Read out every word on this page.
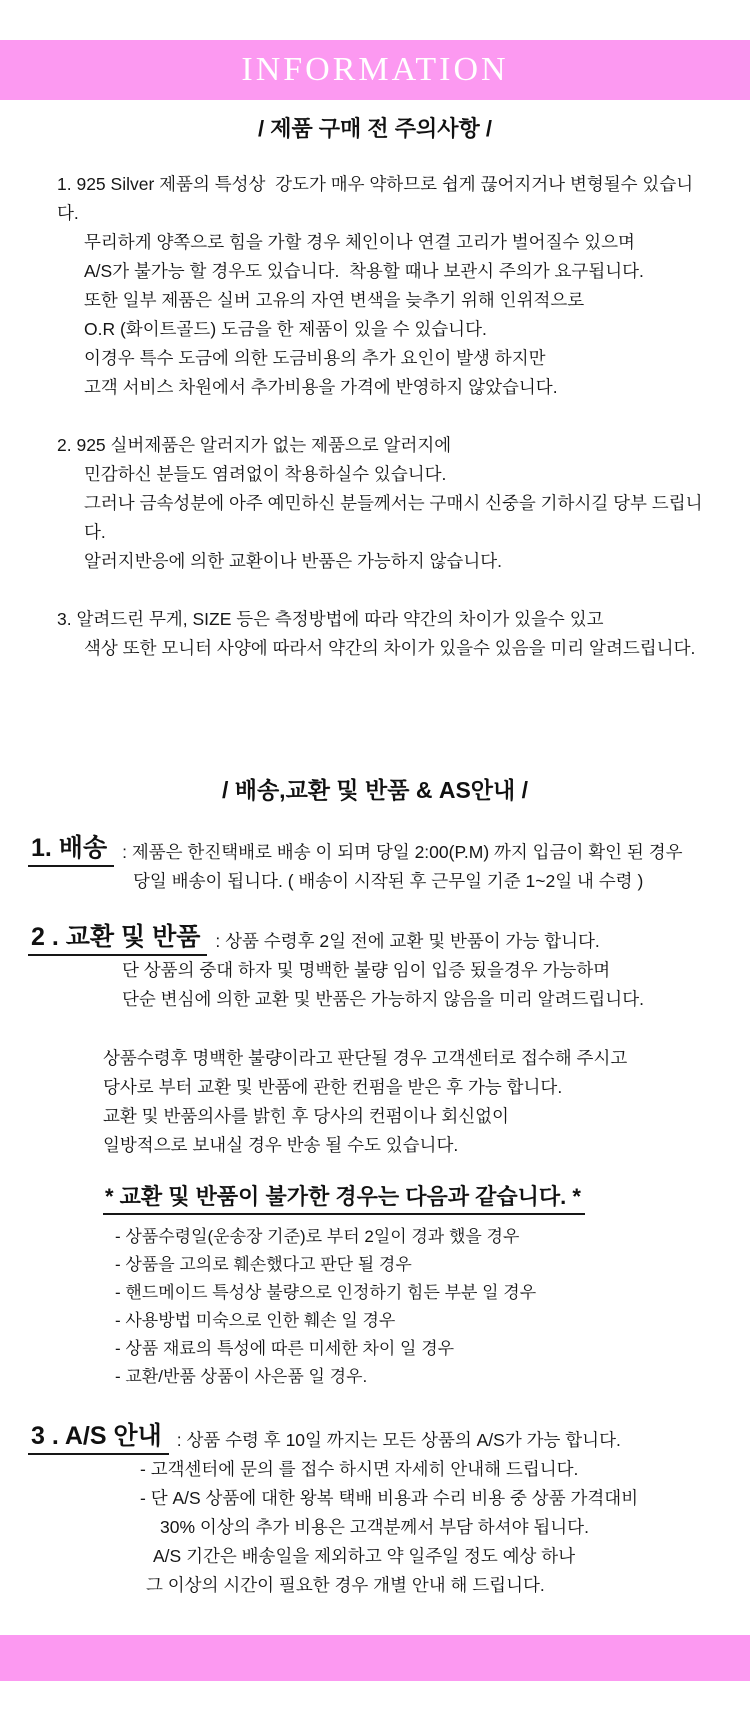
INFORMATION
/ 제품 구매 전 주의사항 /
1. 925 Silver 제품의 특성상  강도가 매우 약하므로 쉽게 끊어지거나 변형될수 있습니다.
무리하게 양쪽으로 힘을 가할 경우 체인이나 연결 고리가 벌어질수 있으며
A/S가 불가능 할 경우도 있습니다.  착용할 때나 보관시 주의가 요구됩니다.
또한 일부 제품은 실버 고유의 자연 변색을 늦추기 위해 인위적으로
O.R (화이트골드) 도금을 한 제품이 있을 수 있습니다.
이경우 특수 도금에 의한 도금비용의 추가 요인이 발생 하지만
고객 서비스 차원에서 추가비용을 가격에 반영하지 않았습니다.
2. 925 실버제품은 알러지가 없는 제품으로 알러지에
민감하신 분들도 염려없이 착용하실수 있습니다.
그러나 금속성분에 아주 예민하신 분들께서는 구매시 신중을 기하시길 당부 드립니다.
알러지반응에 의한 교환이나 반품은 가능하지 않습니다.
3. 알려드린 무게, SIZE 등은 측정방법에 따라 약간의 차이가 있을수 있고
색상 또한 모니터 사양에 따라서 약간의 차이가 있을수 있음을 미리 알려드립니다.
/ 배송,교환 및 반품 & AS안내 /
1. 배송 : 제품은 한진택배로 배송 이 되며 당일 2:00(P.M) 까지 입금이 확인 된 경우
당일 배송이 됩니다. ( 배송이 시작된 후 근무일 기준 1~2일 내 수령 )
2 . 교환 및 반품 : 상품 수령후 2일 전에 교환 및 반품이 가능 합니다.
단 상품의 중대 하자 및 명백한 불량 임이 입증 됬을경우 가능하며
단순 변심에 의한 교환 및 반품은 가능하지 않음을 미리 알려드립니다.
상품수령후 명백한 불량이라고 판단될 경우 고객센터로 접수해 주시고
당사로 부터 교환 및 반품에 관한 컨펌을 받은 후 가능 합니다.
교환 및 반품의사를 밝힌 후 당사의 컨펌이나 회신없이
일방적으로 보내실 경우 반송 될 수도 있습니다.
* 교환 및 반품이 불가한 경우는 다음과 같습니다. *
- 상품수령일(운송장 기준)로 부터 2일이 경과 했을 경우
- 상품을 고의로 훼손했다고 판단 될 경우
- 핸드메이드 특성상 불량으로 인정하기 힘든 부분 일 경우
- 사용방법 미숙으로 인한 훼손 일 경우
- 상품 재료의 특성에 따른 미세한 차이 일 경우
- 교환/반품 상품이 사은품 일 경우.
3 . A/S 안내 : 상품 수령 후 10일 까지는 모든 상품의 A/S가 가능 합니다.
- 고객센터에 문의 를 접수 하시면 자세히 안내해 드립니다.
- 단 A/S 상품에 대한 왕복 택배 비용과 수리 비용 중 상품 가격대비
30% 이상의 추가 비용은 고객분께서 부담 하셔야 됩니다.
A/S 기간은 배송일을 제외하고 약 일주일 정도 예상 하나
그 이상의 시간이 필요한 경우 개별 안내 해 드립니다.
